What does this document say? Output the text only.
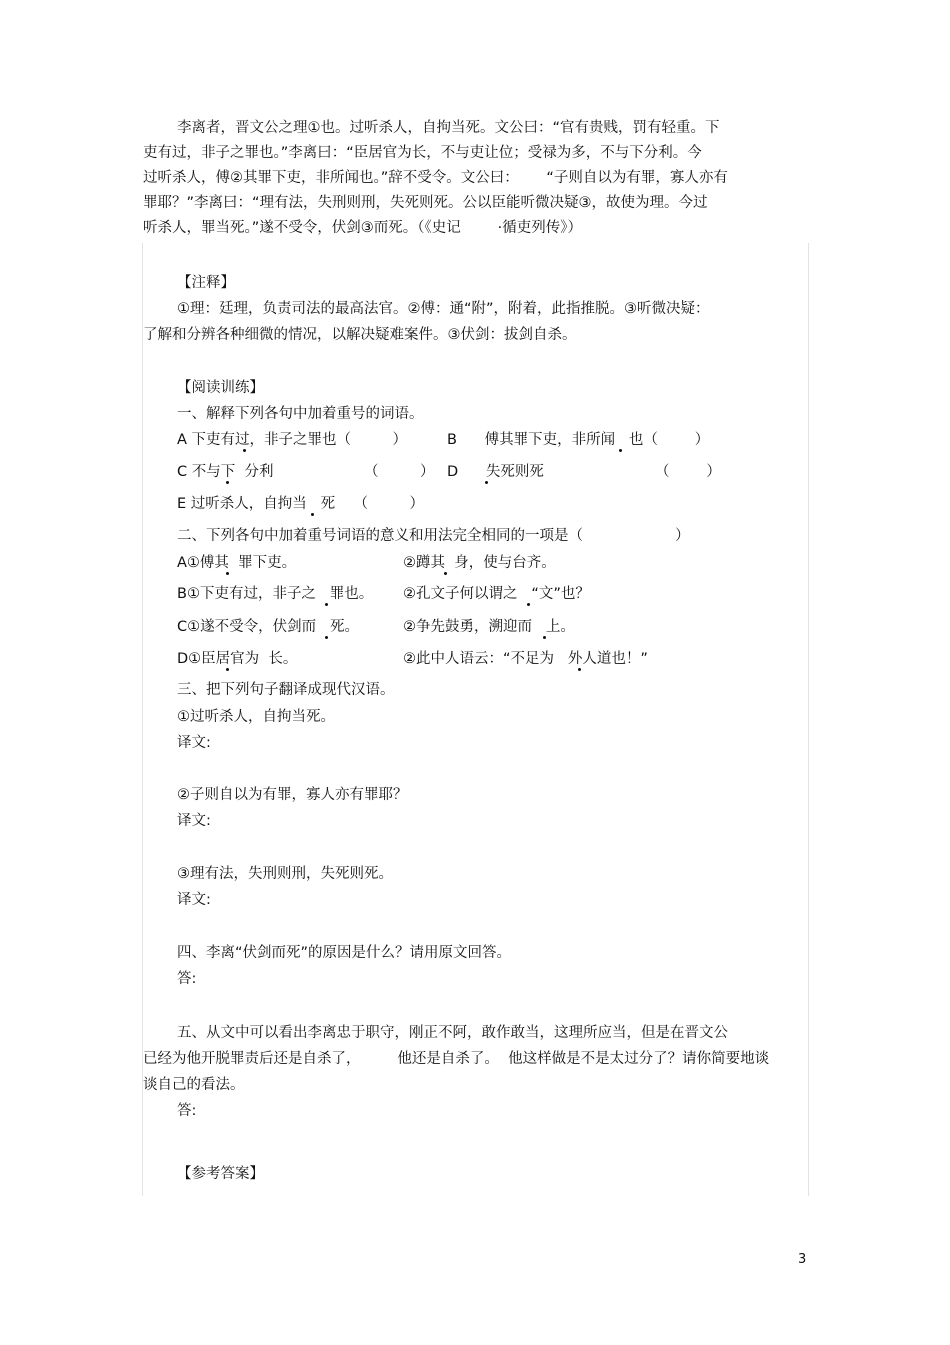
李离者，晋文公之理①也。过听杀人，自拘当死。文公曰：“官有贵贱，罚有轻重。下
吏有过，非子之罪也。”李离曰：“臣居官为长，不与吏让位；受禄为多，不与下分利。今
过听杀人，傅②其罪下吏，非所闻也。”辞不受令。文公曰：      “子则自以为有罪，寡人亦有
罪耶？”李离曰：“理有法，失刑则刑，失死则死。公以臣能听微决疑③，故使为理。今过
听杀人，罪当死。”遂不受令，伏剑③而死。（《史记        ·循吏列传》）
【注释】
①理：廷理，负责司法的最高法官。②傅：通“附”，附着，此指推脱。③听微决疑：
了解和分辨各种细微的情况，以解决疑难案件。③伏剑：拔剑自杀。
【阅读训练】
一、解释下列各句中加着重号的词语。
A 下吏有过，非子之罪也（         ）	B      傅其罪下吏，非所闻   也（        ）
C 不与下  分利	（         ） D      失死则死	（        ）
E 过听杀人，自拘当   死    （         ）
二、下列各句中加着重号词语的意义和用法完全相同的一项是（                    ）
A①傅其  罪下吏。	②蹲其  身，使与台齐。
B①下吏有过，非子之   罪也。 ②孔文子何以谓之   “文”也？
C①遂不受令，伏剑而   死。	②争先鼓勇，溯迎而   上。
D①臣居官为  长。	②此中人语云：“不足为   外人道也！”
三、把下列句子翻译成现代汉语。
①过听杀人，自拘当死。
译文:
②子则自以为有罪，寡人亦有罪耶？
译文:
③理有法，失刑则刑，失死则死。
译文:
四、李离“伏剑而死”的原因是什么？请用原文回答。
答:
五、从文中可以看出李离忠于职守，刚正不阿，敢作敢当，这理所应当，但是在晋文公
已经为他开脱罪责后还是自杀了，        他还是自杀了。  他这样做是不是太过分了？请你简要地谈
谈自己的看法。
答:
【参考答案】
3
